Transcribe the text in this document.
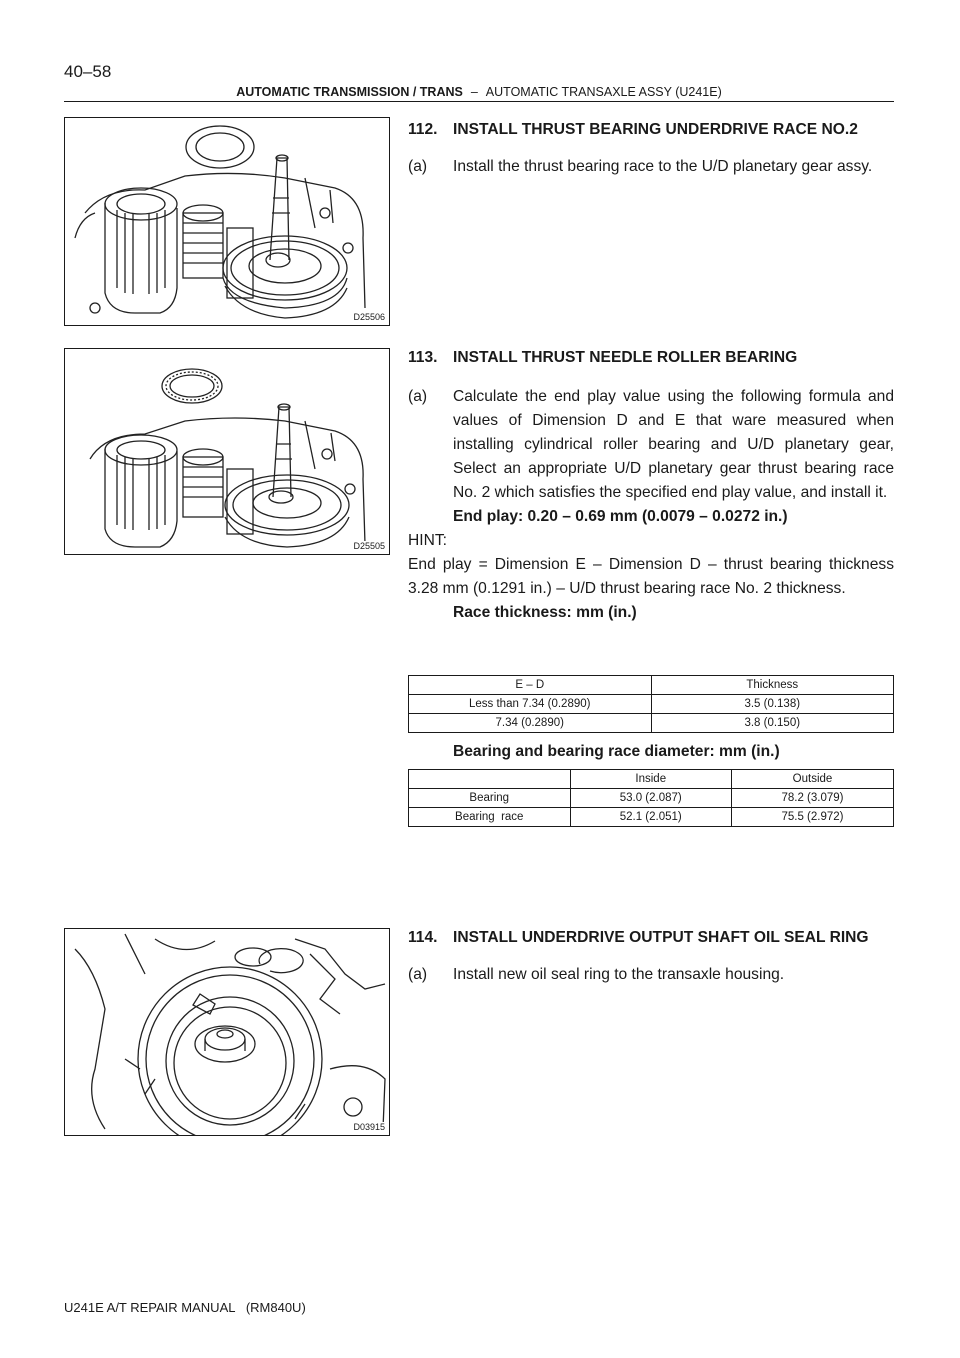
40–58
AUTOMATIC TRANSMISSION / TRANS – AUTOMATIC TRANSAXLE ASSY (U241E)
D25506
D25505
D03915
112. INSTALL THRUST BEARING UNDERDRIVE RACE NO.2
(a)	Install the thrust bearing race to the U/D planetary gear assy.
113. INSTALL THRUST NEEDLE ROLLER BEARING
(a)	Calculate the end play value using the following formula and values of Dimension D and E that ware measured when installing cylindrical roller bearing and U/D planetary gear, Select an appropriate U/D planetary gear thrust bearing race No. 2 which satisfies the specified end play value, and install it.
End play: 0.20 – 0.69 mm (0.0079 – 0.0272 in.)
HINT:
End play = Dimension E – Dimension D – thrust bearing thickness 3.28 mm (0.1291 in.) – U/D thrust bearing race No. 2 thickness.
Race thickness: mm (in.)
E – D	Thickness
Less than 7.34 (0.2890)	3.5 (0.138)
7.34 (0.2890)	3.8 (0.150)
Bearing and bearing race diameter: mm (in.)
	Inside	Outside
Bearing	53.0 (2.087)	78.2 (3.079)
Bearing  race	52.1 (2.051)	75.5 (2.972)
114. INSTALL UNDERDRIVE OUTPUT SHAFT OIL SEAL RING
(a)	Install new oil seal ring to the transaxle housing.
U241E A/T REPAIR MANUAL   (RM840U)
